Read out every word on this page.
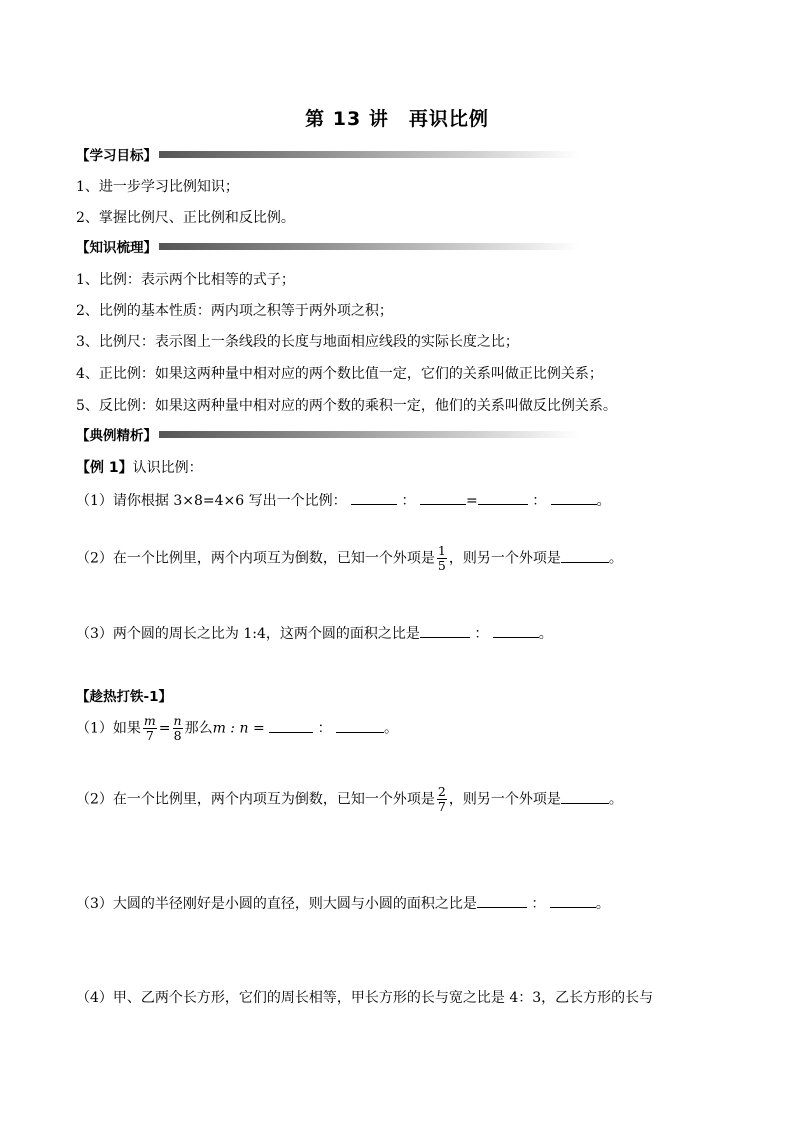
第 13 讲　再识比例
【学习目标】
1、进一步学习比例知识；
2、掌握比例尺、正比例和反比例。
【知识梳理】
1、比例：表示两个比相等的式子；
2、比例的基本性质：两内项之积等于两外项之积；
3、比例尺：表示图上一条线段的长度与地面相应线段的实际长度之比；
4、正比例：如果这两种量中相对应的两个数比值一定，它们的关系叫做正比例关系；
5、反比例：如果这两种量中相对应的两个数的乘积一定，他们的关系叫做反比例关系。
【典例精析】
【例 1】认识比例：
（1）请你根据 3×8=4×6 写出一个比例：	：	=	：	。
（2）在一个比例里，两个内项互为倒数，已知一个外项是 $\frac{1}{5}$ ，则另一个外项是	。
（3）两个圆的周长之比为 1:4，这两个圆的面积之比是	：	。
【趁热打铁-1】
（1）如果 $\frac{m}{7} = \frac{n}{8}$ 那么m : n =	：	。
（2）在一个比例里，两个内项互为倒数，已知一个外项是 $\frac{2}{7}$ ，则另一个外项是	。
（3）大圆的半径刚好是小圆的直径，则大圆与小圆的面积之比是	：	。
（4）甲、乙两个长方形，它们的周长相等，甲长方形的长与宽之比是 4：3，乙长方形的长与
